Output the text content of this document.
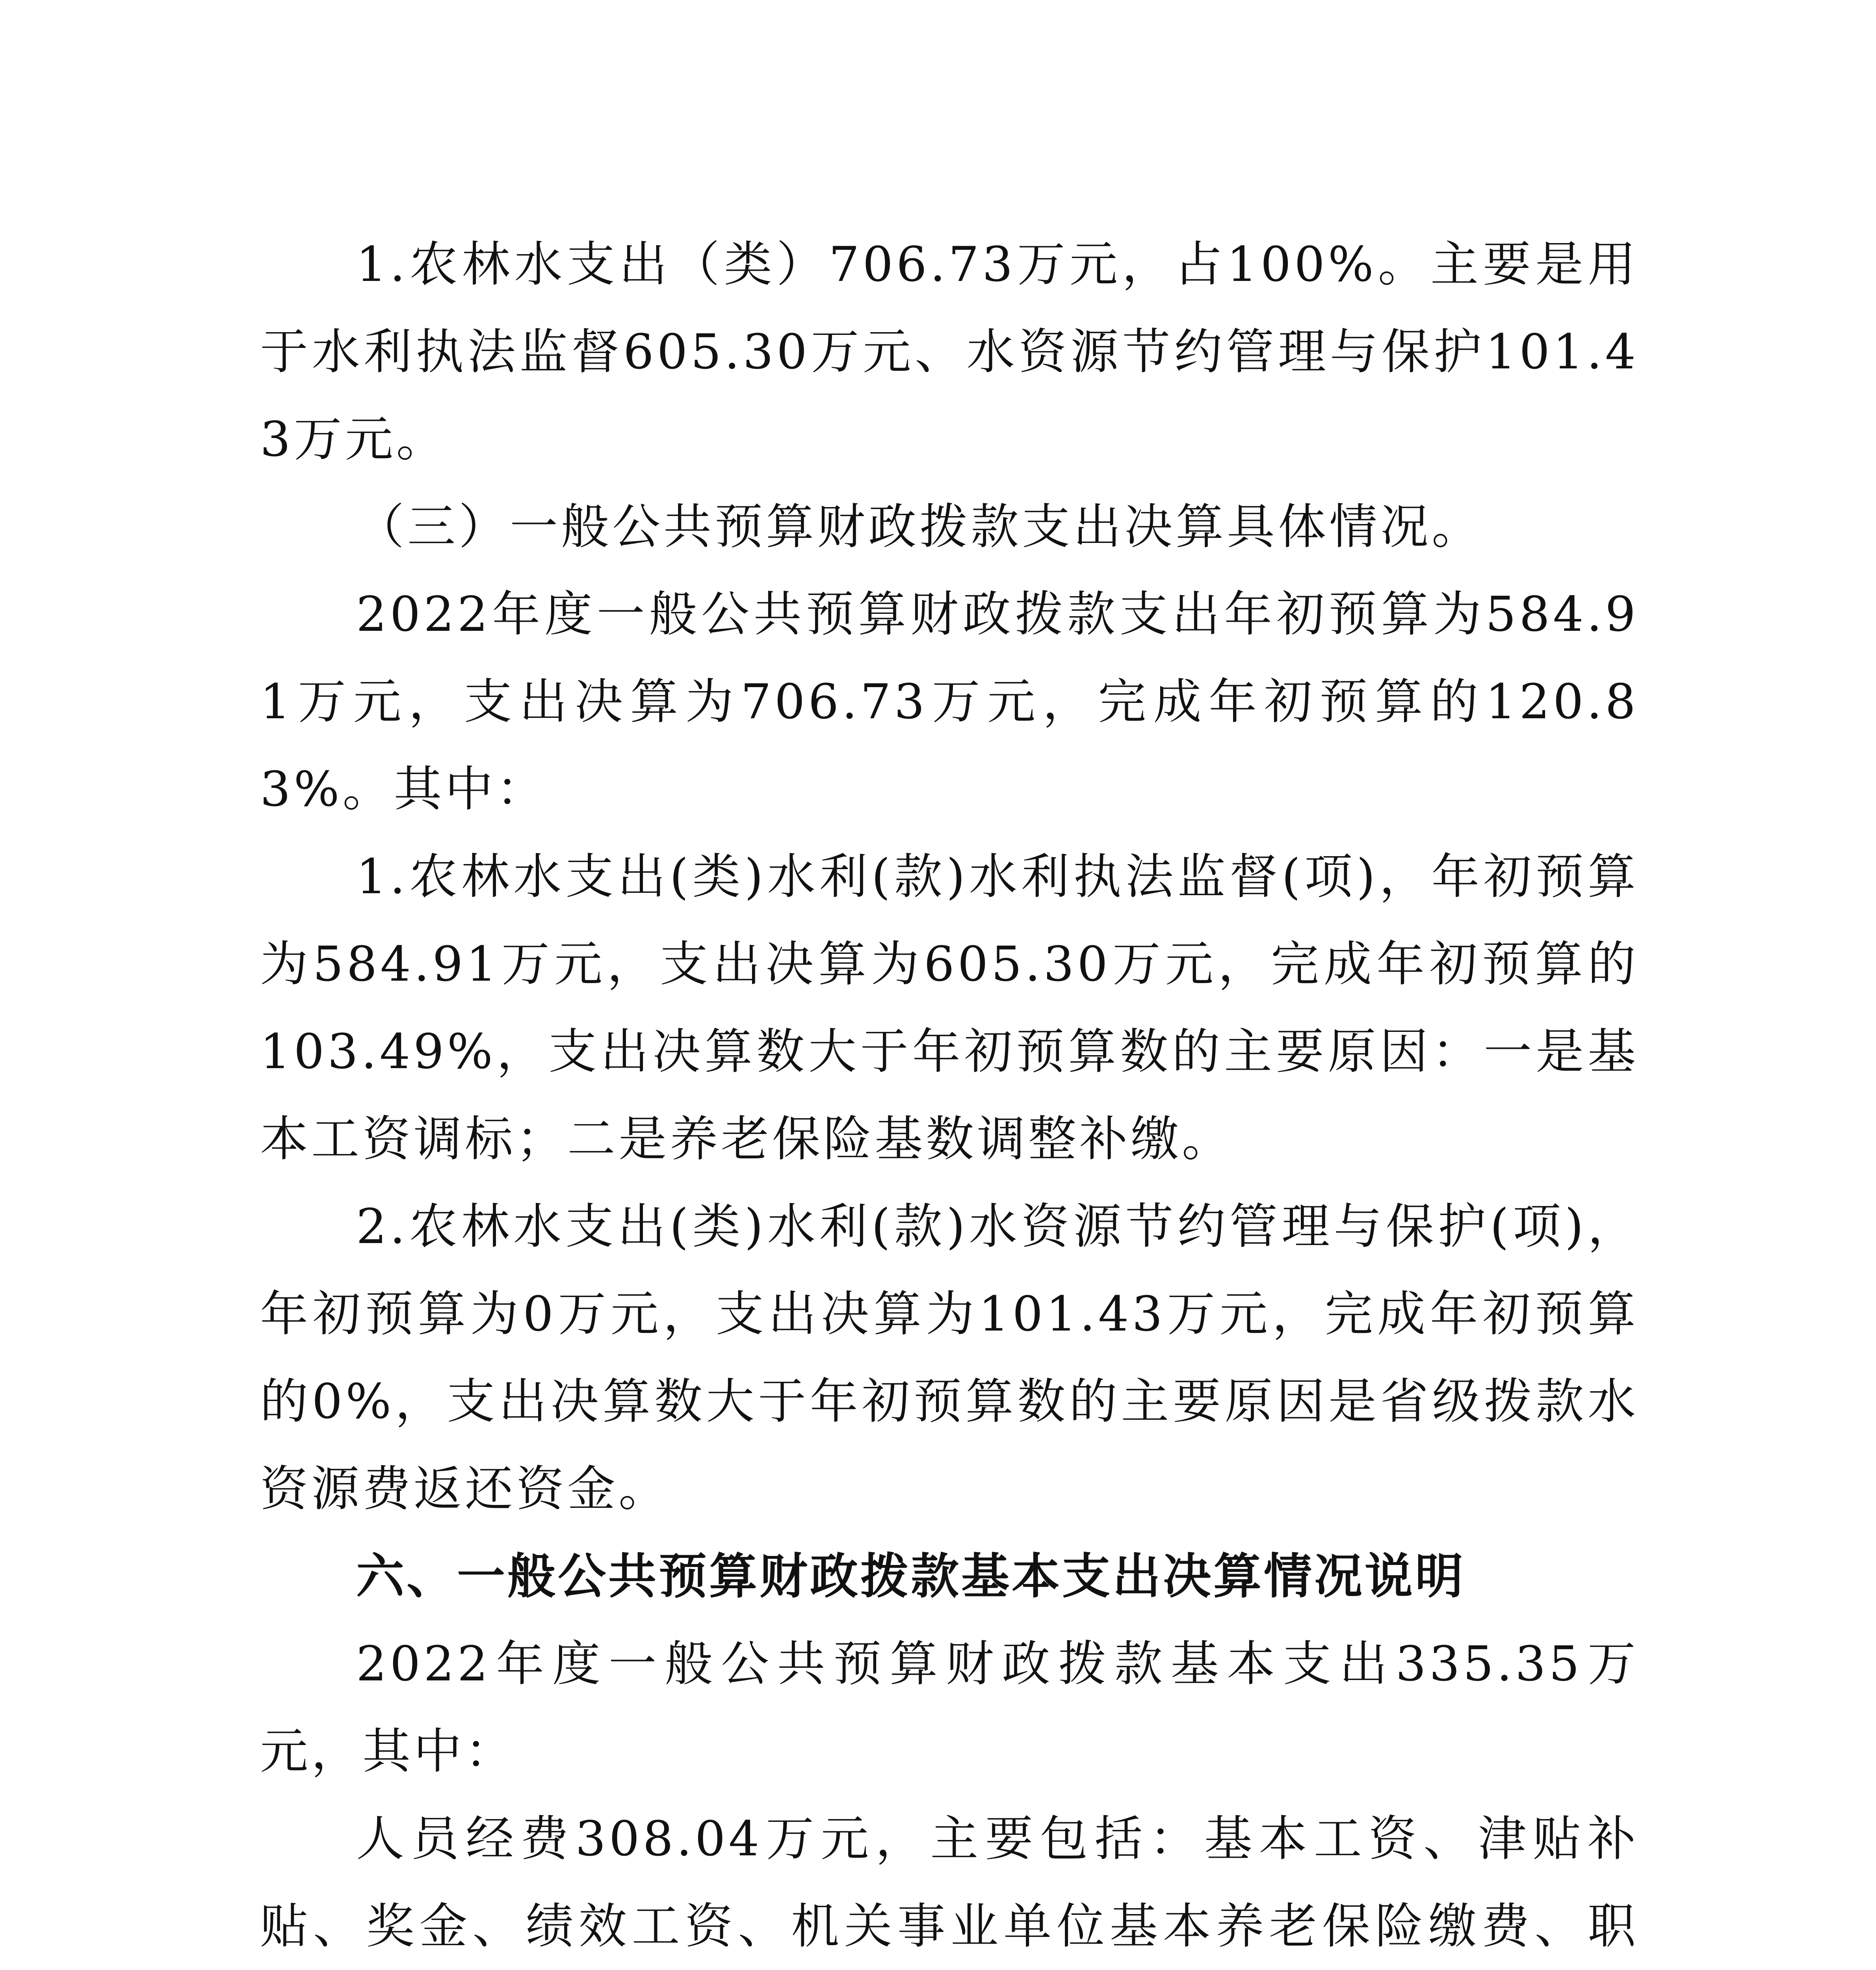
1.农林水支出（类）706.73万元，占100%。主要是用于水利执法监督605.30万元、水资源节约管理与保护101.43万元。

（三）一般公共预算财政拨款支出决算具体情况。

2022年度一般公共预算财政拨款支出年初预算为584.91万元，支出决算为706.73万元，完成年初预算的120.83%。其中：

1.农林水支出(类)水利(款)水利执法监督(项)，年初预算为584.91万元，支出决算为605.30万元，完成年初预算的103.49%，支出决算数大于年初预算数的主要原因：一是基本工资调标；二是养老保险基数调整补缴。

2.农林水支出(类)水利(款)水资源节约管理与保护(项)，年初预算为0万元，支出决算为101.43万元，完成年初预算的0%，支出决算数大于年初预算数的主要原因是省级拨款水资源费返还资金。

六、一般公共预算财政拨款基本支出决算情况说明

2022年度一般公共预算财政拨款基本支出335.35万元，其中：

人员经费308.04万元，主要包括：基本工资、津贴补贴、奖金、绩效工资、机关事业单位基本养老保险缴费、职
